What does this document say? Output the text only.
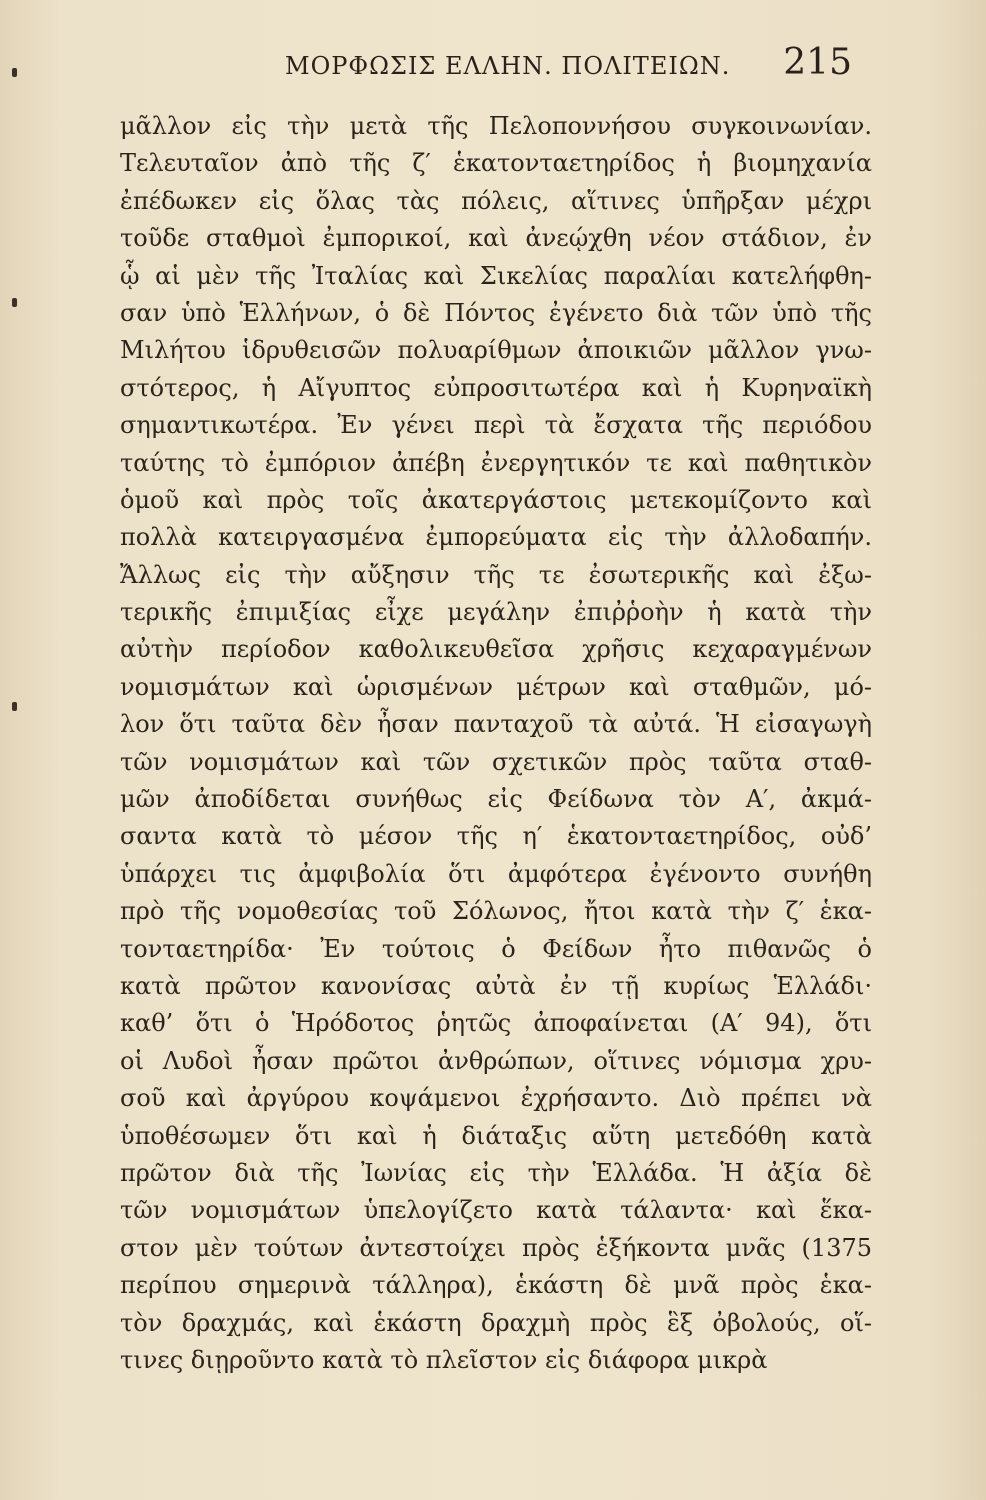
ΜΟΡΦΩΣΙΣ ΕΛΛΗΝ. ΠΟΛΙΤΕΙΩΝ. 215
μᾶλλον εἰς τὴν μετὰ τῆς Πελοποννήσου συγκοινωνίαν.
Τελευταῖον ἀπὸ τῆς ζ′ ἑκατονταετηρίδος ἡ βιομηχανία
ἐπέδωκεν εἰς ὅλας τὰς πόλεις, αἵτινες ὑπῆρξαν μέχρι
τοῦδε σταθμοὶ ἐμπορικοί, καὶ ἀνεῴχθη νέον στάδιον, ἐν
ᾧ αἱ μὲν τῆς Ἰταλίας καὶ Σικελίας παραλίαι κατελήφθη-
σαν ὑπὸ Ἑλλήνων, ὁ δὲ Πόντος ἐγένετο διὰ τῶν ὑπὸ τῆς
Μιλήτου ἱδρυθεισῶν πολυαρίθμων ἀποικιῶν μᾶλλον γνω-
στότερος, ἡ Αἴγυπτος εὐπροσιτωτέρα καὶ ἡ Κυρηναϊκὴ
σημαντικωτέρα. Ἐν γένει περὶ τὰ ἔσχατα τῆς περιόδου
ταύτης τὸ ἐμπόριον ἀπέβη ἐνεργητικόν τε καὶ παθητικὸν
ὁμοῦ καὶ πρὸς τοῖς ἀκατεργάστοις μετεκομίζοντο καὶ
πολλὰ κατειργασμένα ἐμπορεύματα εἰς τὴν ἀλλοδαπήν.
Ἄλλως εἰς τὴν αὔξησιν τῆς τε ἐσωτερικῆς καὶ ἐξω-
τερικῆς ἐπιμιξίας εἶχε μεγάλην ἐπιῤῥοὴν ἡ κατὰ τὴν
αὐτὴν περίοδον καθολικευθεῖσα χρῆσις κεχαραγμένων
νομισμάτων καὶ ὡρισμένων μέτρων καὶ σταθμῶν, μό-
λον ὅτι ταῦτα δὲν ἦσαν πανταχοῦ τὰ αὐτά. Ἡ εἰσαγωγὴ
τῶν νομισμάτων καὶ τῶν σχετικῶν πρὸς ταῦτα σταθ-
μῶν ἀποδίδεται συνήθως εἰς Φείδωνα τὸν Α′, ἀκμά-
σαντα κατὰ τὸ μέσον τῆς η′ ἑκατονταετηρίδος, οὐδ’
ὑπάρχει τις ἀμφιβολία ὅτι ἀμφότερα ἐγένοντο συνήθη
πρὸ τῆς νομοθεσίας τοῦ Σόλωνος, ἤτοι κατὰ τὴν ζ′ ἑκα-
τονταετηρίδα· Ἐν τούτοις ὁ Φείδων ἦτο πιθανῶς ὁ
κατὰ πρῶτον κανονίσας αὐτὰ ἐν τῇ κυρίως Ἑλλάδι·
καθ’ ὅτι ὁ Ἡρόδοτος ῥητῶς ἀποφαίνεται (Α′ 94), ὅτι
οἱ Λυδοὶ ἦσαν πρῶτοι ἀνθρώπων, οἵτινες νόμισμα χρυ-
σοῦ καὶ ἀργύρου κοψάμενοι ἐχρήσαντο. Διὸ πρέπει νὰ
ὑποθέσωμεν ὅτι καὶ ἡ διάταξις αὕτη μετεδόθη κατὰ
πρῶτον διὰ τῆς Ἰωνίας εἰς τὴν Ἑλλάδα. Ἡ ἀξία δὲ
τῶν νομισμάτων ὑπελογίζετο κατὰ τάλαντα· καὶ ἕκα-
στον μὲν τούτων ἀντεστοίχει πρὸς ἑξήκοντα μνᾶς (1375
περίπου σημερινὰ τάλληρα), ἑκάστη δὲ μνᾶ πρὸς ἑκα-
τὸν δραχμάς, καὶ ἑκάστη δραχμὴ πρὸς ἓξ ὀβολούς, οἵ-
τινες διῃροῦντο κατὰ τὸ πλεῖστον εἰς διάφορα μικρὰ
